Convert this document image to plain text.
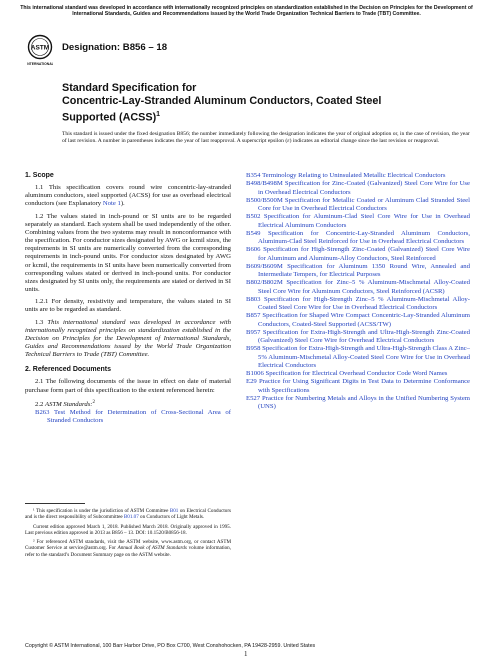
This international standard was developed in accordance with internationally recognized principles on standardization established in the Decision on Principles for the Development of International Standards, Guides and Recommendations issued by the World Trade Organization Technical Barriers to Trade (TBT) Committee.
ASTM
INTERNATIONAL
Designation: B856 – 18
Standard Specification for
Concentric-Lay-Stranded Aluminum Conductors, Coated Steel Supported (ACSS)$^1$
This standard is issued under the fixed designation B856; the number immediately following the designation indicates the year of original adoption or, in the case of revision, the year of last revision. A number in parentheses indicates the year of last reapproval. A superscript epsilon (ε) indicates an editorial change since the last revision or reapproval.
1. Scope
1.1 This specification covers round wire concentric-lay-stranded aluminum conductors, steel supported (ACSS) for use as overhead electrical conductors (see Explanatory Note 1).
1.2 The values stated in inch-pound or SI units are to be regarded separately as standard. Each system shall be used independently of the other. Combining values from the two systems may result in nonconformance with the specification. For conductor sizes designated by AWG or kcmil sizes, the requirements in SI units are numerically converted from the corresponding requirements in inch-pound units. For conductor sizes designated by AWG or kcmil, the requirements in SI units have been numerically converted from corresponding values stated or derived in inch-pound units. For conductor sizes designated by SI units only, the requirements are stated or derived in SI units.
1.2.1 For density, resistivity and temperature, the values stated in SI units are to be regarded as standard.
1.3 This international standard was developed in accordance with internationally recognized principles on standardization established in the Decision on Principles for the Development of International Standards, Guides and Recommendations issued by the World Trade Organization Technical Barriers to Trade (TBT) Committee.
2. Referenced Documents
2.1 The following documents of the issue in effect on date of material purchase form part of this specification to the extent referenced herein:
2.2 ASTM Standards:$^2$
B263 Test Method for Determination of Cross-Sectional Area of Stranded Conductors
B354 Terminology Relating to Uninsulated Metallic Electrical Conductors
B498/B498M Specification for Zinc-Coated (Galvanized) Steel Core Wire for Use in Overhead Electrical Conductors
B500/B500M Specification for Metallic Coated or Aluminum Clad Stranded Steel Core for Use in Overhead Electrical Conductors
B502 Specification for Aluminum-Clad Steel Core Wire for Use in Overhead Electrical Aluminum Conductors
B549 Specification for Concentric-Lay-Stranded Aluminum Conductors, Aluminum-Clad Steel Reinforced for Use in Overhead Electrical Conductors
B606 Specification for High-Strength Zinc-Coated (Galvanized) Steel Core Wire for Aluminum and Aluminum-Alloy Conductors, Steel Reinforced
B609/B609M Specification for Aluminum 1350 Round Wire, Annealed and Intermediate Tempers, for Electrical Purposes
B802/B802M Specification for Zinc–5 % Aluminum-Mischmetal Alloy-Coated Steel Core Wire for Aluminum Conductors, Steel Reinforced (ACSR)
B803 Specification for High-Strength Zinc–5 % Aluminum-Mischmetal Alloy-Coated Steel Core Wire for Use in Overhead Electrical Conductors
B857 Specification for Shaped Wire Compact Concentric-Lay-Stranded Aluminum Conductors, Coated-Steel Supported (ACSS/TW)
B957 Specification for Extra-High-Strength and Ultra-High-Strength Zinc-Coated (Galvanized) Steel Core Wire for Overhead Electrical Conductors
B958 Specification for Extra-High-Strength and Ultra-High-Strength Class A Zinc–5% Aluminum-Mischmetal Alloy-Coated Steel Core Wire for Use in Overhead Electrical Conductors
B1006 Specification for Electrical Overhead Conductor Code Word Names
E29 Practice for Using Significant Digits in Test Data to Determine Conformance with Specifications
E527 Practice for Numbering Metals and Alloys in the Unified Numbering System (UNS)

¹ This specification is under the jurisdiction of ASTM Committee B01 on Electrical Conductors and is the direct responsibility of Subcommittee B01.07 on Conductors of Light Metals.

Current edition approved March 1, 2018. Published March 2018. Originally approved in 1995. Last previous edition approved in 2013 as B856 – 13. DOI: 10.1520/B0856-18.

² For referenced ASTM standards, visit the ASTM website, www.astm.org, or contact ASTM Customer Service at service@astm.org. For Annual Book of ASTM Standards volume information, refer to the standard’s Document Summary page on the ASTM website.

Copyright © ASTM International, 100 Barr Harbor Drive, PO Box C700, West Conshohocken, PA 19428-2959. United States
1
